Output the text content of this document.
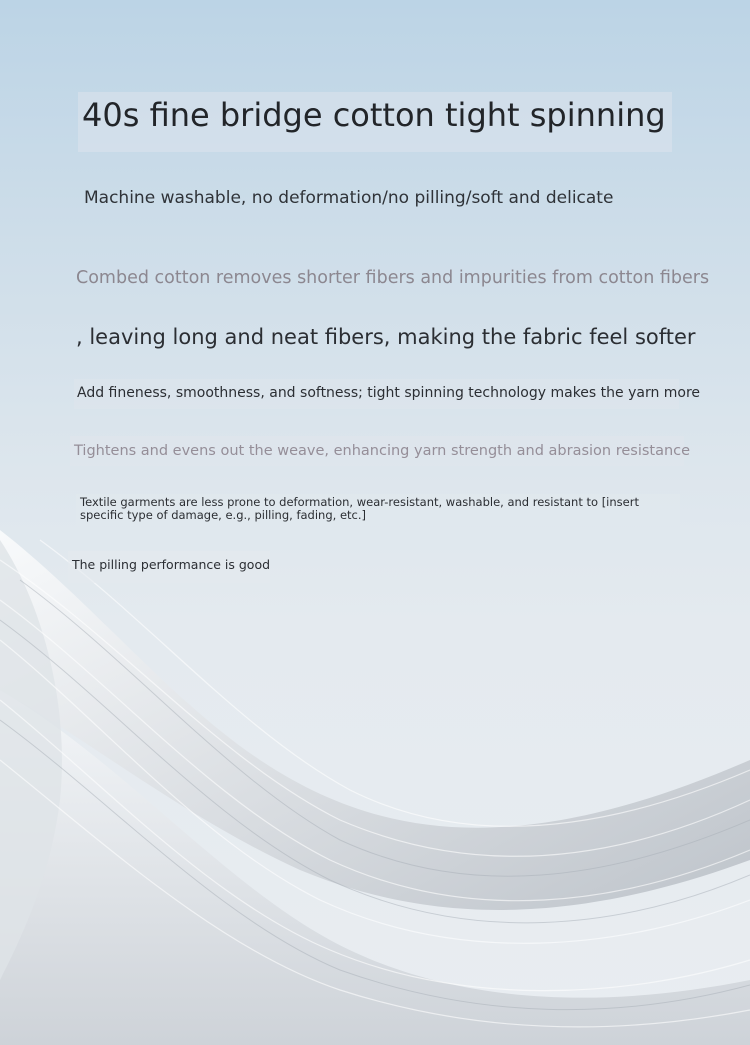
40s fine bridge cotton tight spinning
Machine washable, no deformation/no pilling/soft and delicate
Combed cotton removes shorter fibers and impurities from cotton fibers
, leaving long and neat fibers, making the fabric feel softer
Add fineness, smoothness, and softness; tight spinning technology makes the yarn more
Tightens and evens out the weave, enhancing yarn strength and abrasion resistance
Textile garments are less prone to deformation, wear-resistant, washable, and resistant to [insert specific type of damage, e.g., pilling, fading, etc.]
The pilling performance is good
